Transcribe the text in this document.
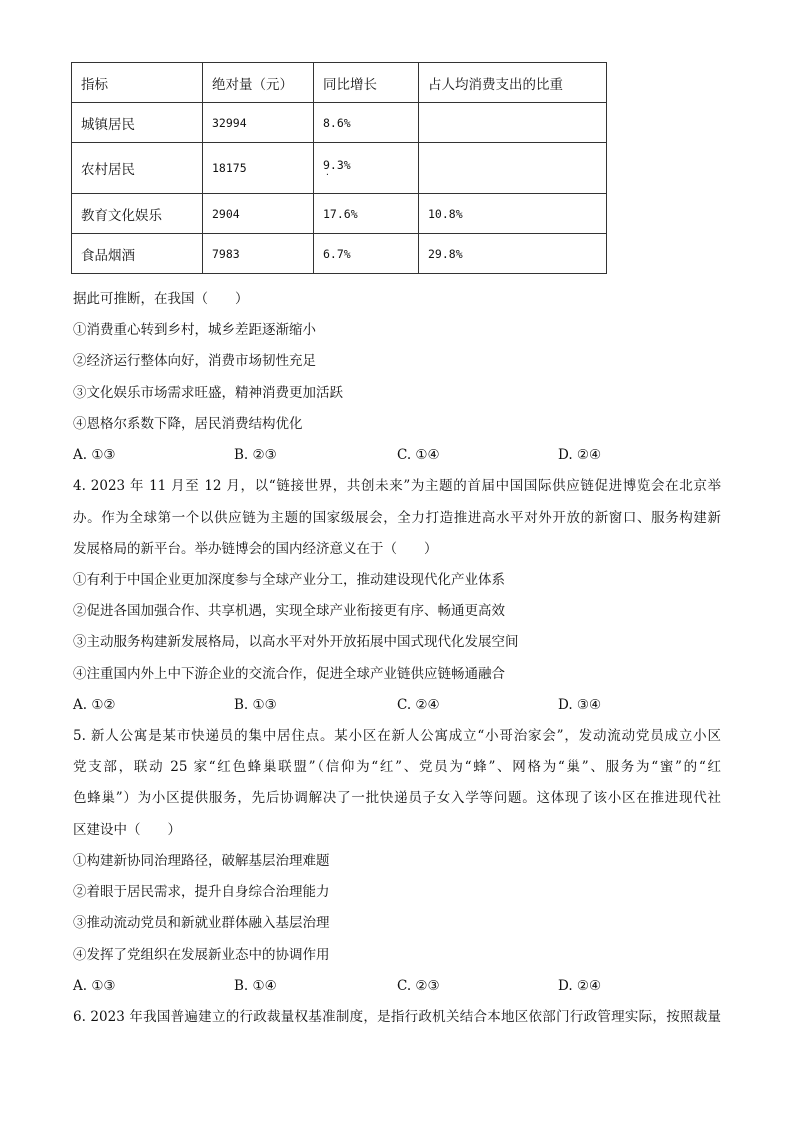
指标	绝对量（元）	同比增长	占人均消费支出的比重
城镇居民	32994	8.6%	
农村居民	18175	9.3%
·	

教育文化娱乐	2904	17.6%	10.8%
食品烟酒	7983	6.7%	29.8%
据此可推断，在我国（　　）
①消费重心转到乡村，城乡差距逐渐缩小
②经济运行整体向好，消费市场韧性充足
③文化娱乐市场需求旺盛，精神消费更加活跃
④恩格尔系数下降，居民消费结构优化
A. ①③	B. ②③	C. ①④	D. ②④
4. 2023 年 11 月至 12 月，以“链接世界，共创未来”为主题的首届中国国际供应链促进博览会在北京举
办。作为全球第一个以供应链为主题的国家级展会，全力打造推进高水平对外开放的新窗口、服务构建新
发展格局的新平台。举办链博会的国内经济意义在于（　　）
①有利于中国企业更加深度参与全球产业分工，推动建设现代化产业体系
②促进各国加强合作、共享机遇，实现全球产业衔接更有序、畅通更高效
③主动服务构建新发展格局，以高水平对外开放拓展中国式现代化发展空间
④注重国内外上中下游企业的交流合作，促进全球产业链供应链畅通融合
A. ①②	B. ①③	C. ②④	D. ③④
5. 新人公寓是某市快递员的集中居住点。某小区在新人公寓成立“小哥治家会”，发动流动党员成立小区
党支部，联动 25 家“红色蜂巢联盟”（信仰为“红”、党员为“蜂”、网格为“巢”、服务为“蜜”的“红
色蜂巢”）为小区提供服务，先后协调解决了一批快递员子女入学等问题。这体现了该小区在推进现代社
区建设中（　　）
①构建新协同治理路径，破解基层治理难题
②着眼于居民需求，提升自身综合治理能力
③推动流动党员和新就业群体融入基层治理
④发挥了党组织在发展新业态中的协调作用
A. ①③	B. ①④	C. ②③	D. ②④
6. 2023 年我国普遍建立的行政裁量权基准制度，是指行政机关结合本地区依部门行政管理实际，按照裁量
